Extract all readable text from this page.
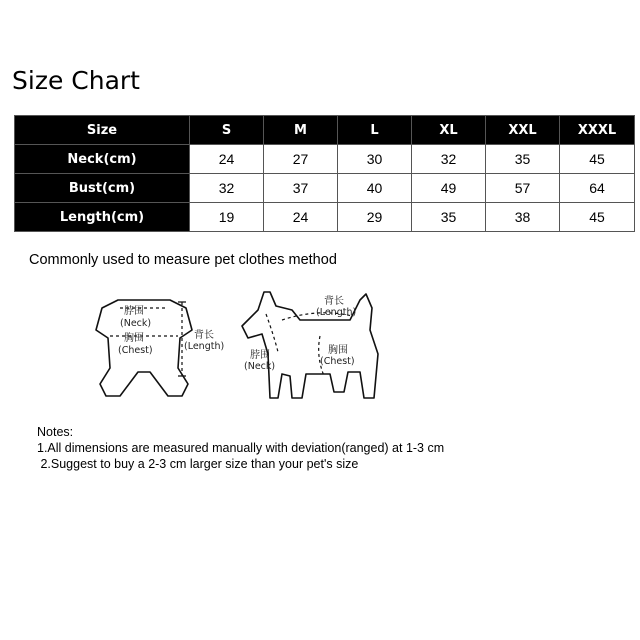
Size Chart
Size	S	M	L	XL	XXL	XXXL
Neck(cm)	24	27	30	32	35	45
Bust(cm)	32	37	40	49	57	64
Length(cm)	19	24	29	35	38	45
Commonly used to measure pet clothes method
脖围
(Neck)
胸围
(Chest)
背长
(Length)
背长
(Length)
脖围
(Neck)
胸围
(Chest)
Notes:
1.All dimensions are measured manually with deviation(ranged) at 1-3 cm
2.Suggest to buy a 2-3 cm larger size than your pet's size
